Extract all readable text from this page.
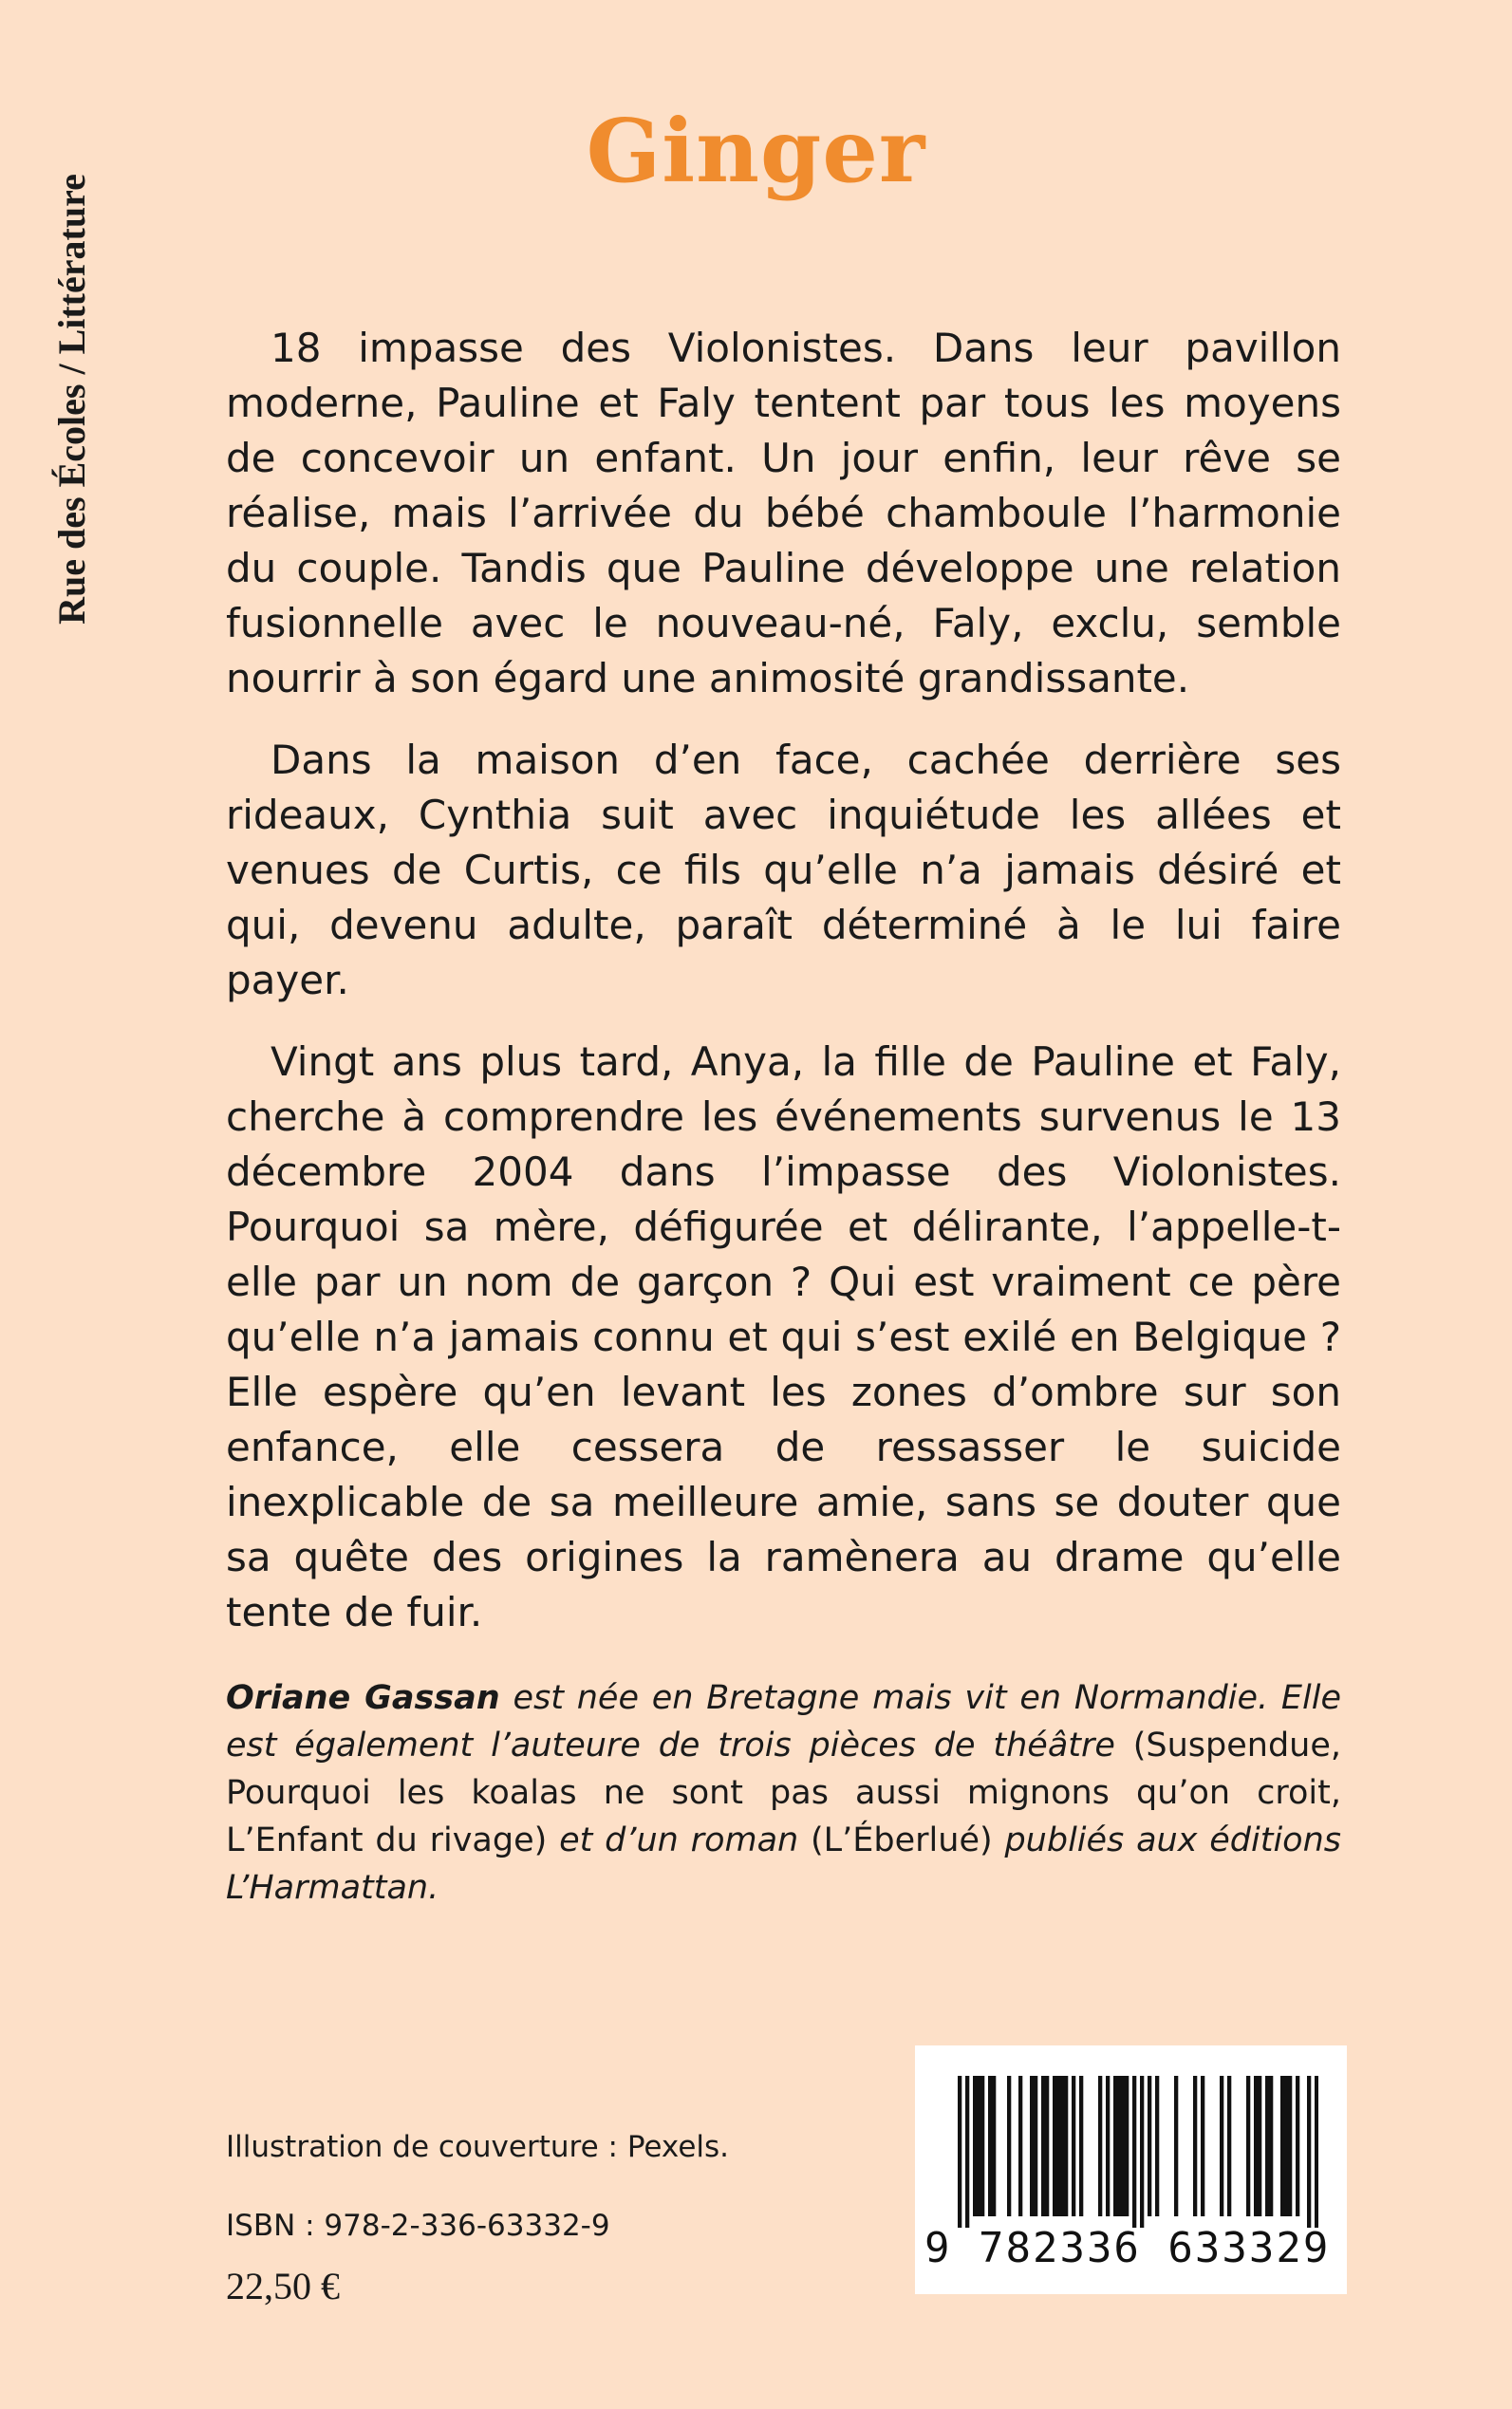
Rue des Écoles / Littérature
Ginger

18 impasse des Violonistes. Dans leur pavillon moderne, Pauline et Faly tentent par tous les moyens de concevoir un enfant. Un jour enfin, leur rêve se réalise, mais l’arrivée du bébé chamboule l’harmonie du couple. Tandis que Pauline développe une relation fusionnelle avec le nouveau-né, Faly, exclu, semble nourrir à son égard une animosité grandissante.

Dans la maison d’en face, cachée derrière ses rideaux, Cynthia suit avec inquiétude les allées et venues de Curtis, ce fils qu’elle n’a jamais désiré et qui, devenu adulte, paraît déterminé à le lui faire payer.

Vingt ans plus tard, Anya, la fille de Pauline et Faly, cherche à comprendre les événements survenus le 13 décembre 2004 dans l’impasse des Violonistes. Pourquoi sa mère, défigurée et délirante, l’appelle-t-elle par un nom de garçon ? Qui est vraiment ce père qu’elle n’a jamais connu et qui s’est exilé en Belgique ? Elle espère qu’en levant les zones d’ombre sur son enfance, elle cessera de ressasser le suicide inexplicable de sa meilleure amie, sans se douter que sa quête des origines la ramènera au drame qu’elle tente de fuir.

Oriane Gassan est née en Bretagne mais vit en Normandie. Elle est également l’auteure de trois pièces de théâtre (Suspendue, Pourquoi les koalas ne sont pas aussi mignons qu’on croit, L’Enfant du rivage) et d’un roman (L’Éberlué) publiés aux éditions L’Harmattan.

Illustration de couverture : Pexels.
ISBN : 978-2-336-63332-9
22,50 €
9 782336 633329
